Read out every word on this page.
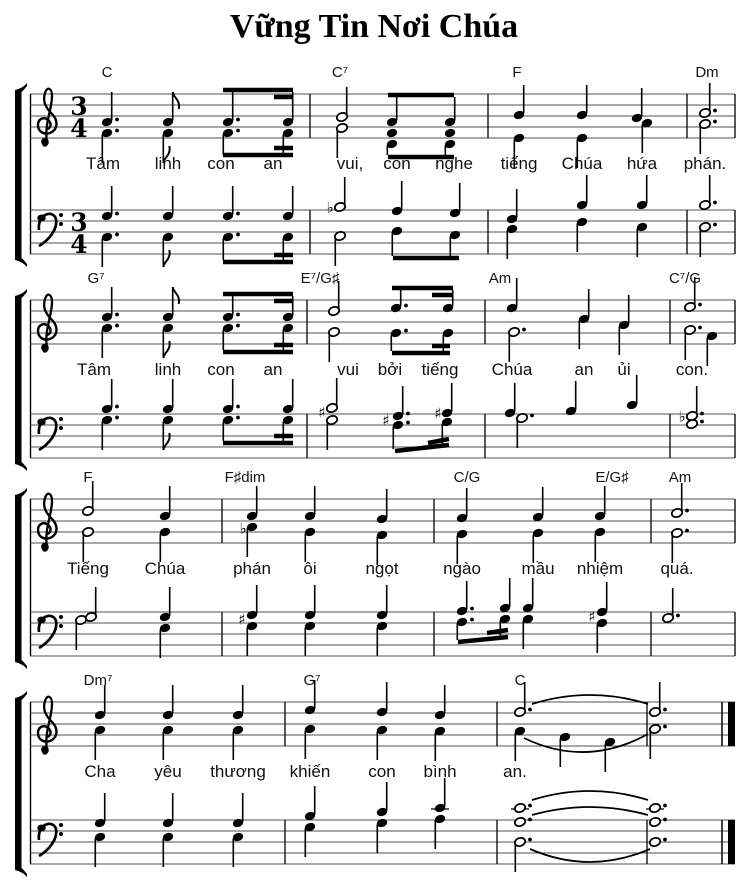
Vững Tin Nơi Chúa
3
4
3
4
♭
♯	♯	♯	♭
♭
♯	♯
C	C⁷	F	Dm
Tâm linh con an	vui, con nghe tiếng Chúa hứa phán.
G⁷	E⁷/G♯	Am	C⁷/G
Tâm	linh con an	vui bởi tiếng Chúa an ủi	con.
F	F♯dim	C/G	E/G♯	Am
Tiếng Chúa	phán ôi	ngọt	ngào mầu nhiệm quá.
Dm⁷	G⁷	C
Cha yêu thương khiến con bình	an.
